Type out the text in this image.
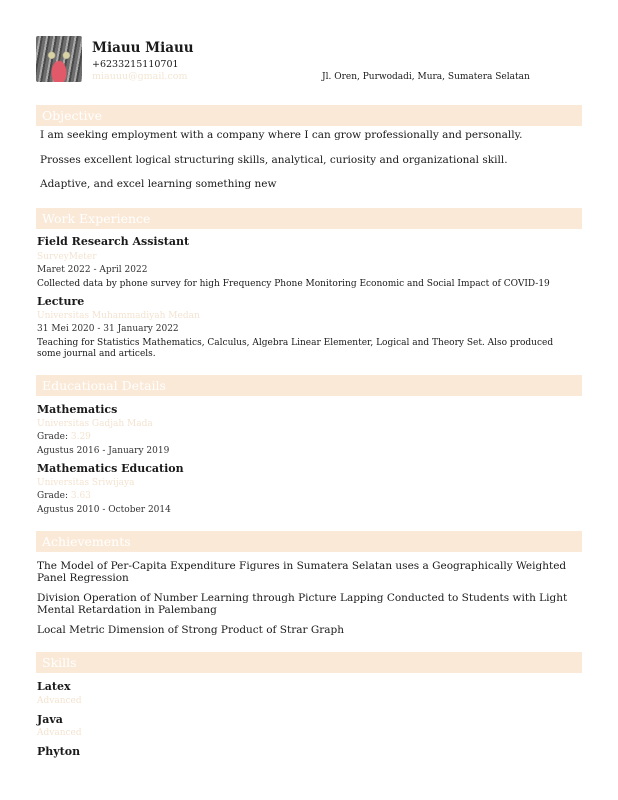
Miauu Miauu
+6233215110701
miauuu@gmail.com	Jl. Oren, Purwodadi, Mura, Sumatera Selatan
Objective
I am seeking employment with a company where I can grow professionally and personally.
Prosses excellent logical structuring skills, analytical, curiosity and organizational skill.
Adaptive, and excel learning something new
Work Experience
Field Research Assistant
SurveyMeter
Maret 2022 - April 2022
Collected data by phone survey for high Frequency Phone Monitoring Economic and Social Impact of COVID-19
Lecture
Universitas Muhammadiyah Medan
31 Mei 2020 - 31 January 2022
Teaching for Statistics Mathematics, Calculus, Algebra Linear Elementer, Logical and Theory Set. Also produced some journal and articels.
Educational Details
Mathematics
Universitas Gadjah Mada
Grade: 3.29
Agustus 2016 - January 2019
Mathematics Education
Universitas Sriwijaya
Grade: 3.63
Agustus 2010 - October 2014
Achievements
The Model of Per-Capita Expenditure Figures in Sumatera Selatan uses a Geographically Weighted Panel Regression
Division Operation of Number Learning through Picture Lapping Conducted to Students with Light Mental Retardation in Palembang
Local Metric Dimension of Strong Product of Strar Graph
Skills
Latex
Advanced
Java
Advanced
Phyton
